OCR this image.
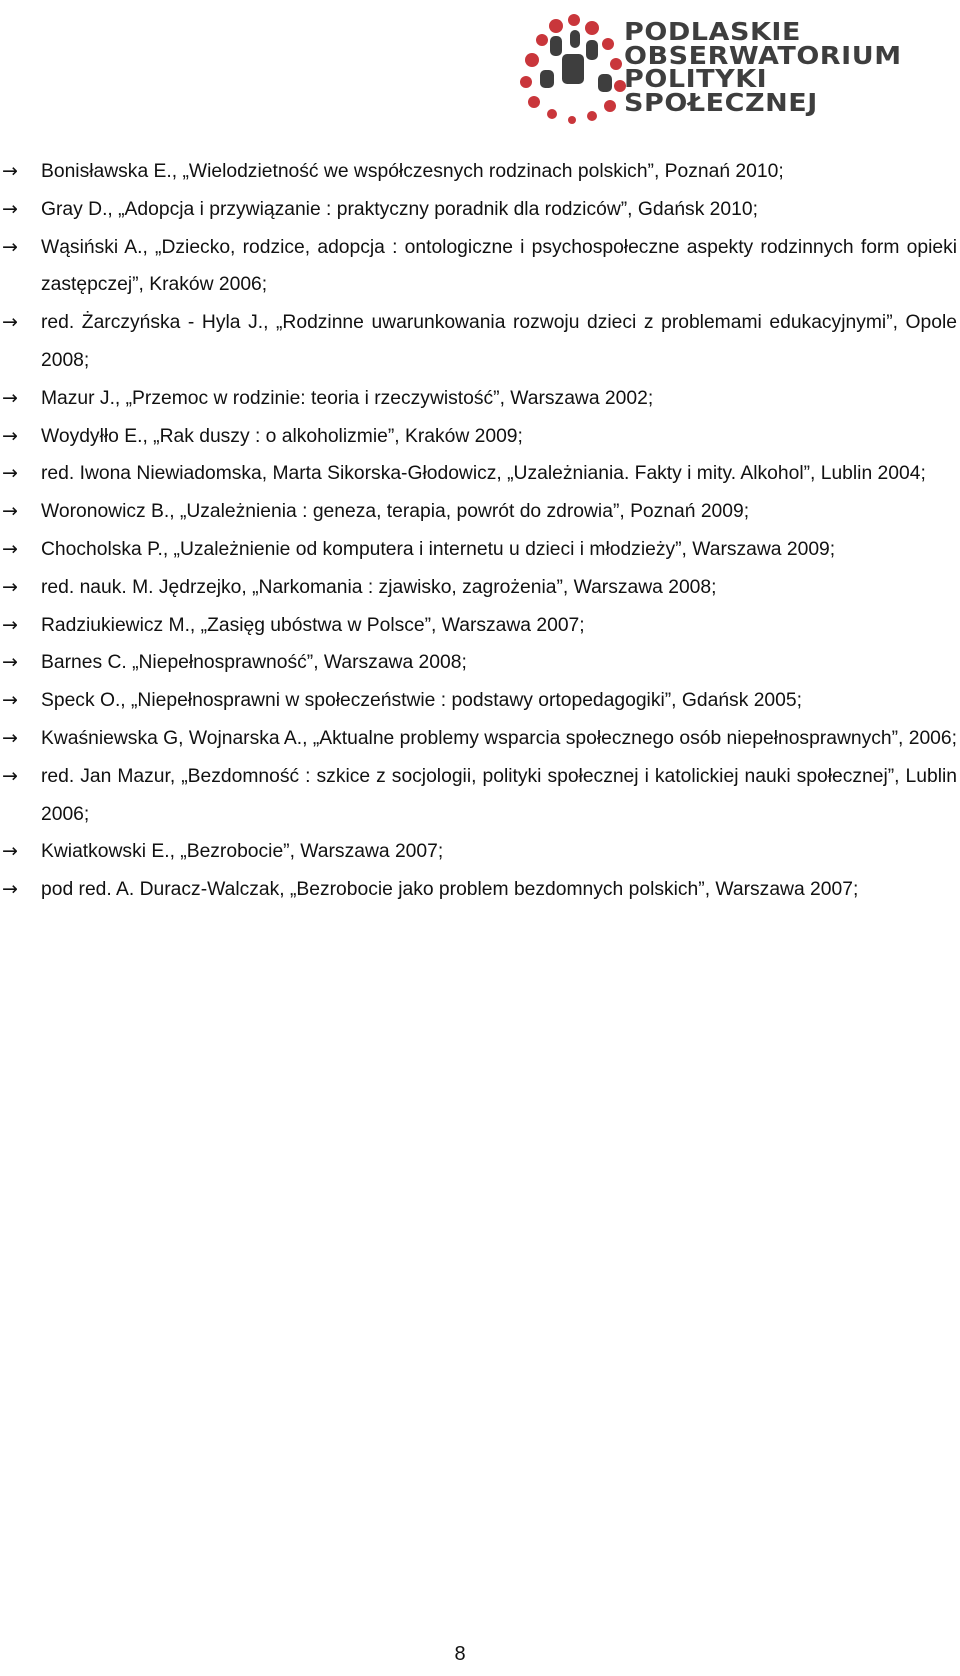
PODLASKIE
OBSERWATORIUM
POLITYKI
SPOŁECZNEJ
→ Bonisławska E., „Wielodzietność we współczesnych rodzinach polskich”, Poznań 2010;
→ Gray D., „Adopcja i przywiązanie : praktyczny poradnik dla rodziców”, Gdańsk 2010;
→ Wąsiński A., „Dziecko, rodzice, adopcja : ontologiczne i psychospołeczne aspekty rodzinnych form opieki zastępczej”, Kraków 2006;
→ red. Żarczyńska - Hyla J., „Rodzinne uwarunkowania rozwoju dzieci z problemami edukacyjnymi”, Opole 2008;
→ Mazur J., „Przemoc w rodzinie: teoria i rzeczywistość”, Warszawa 2002;
→ Woydyłło E., „Rak duszy : o alkoholizmie”, Kraków 2009;
→ red. Iwona Niewiadomska, Marta Sikorska-Głodowicz, „Uzależniania. Fakty i mity. Alkohol”, Lublin 2004;
→ Woronowicz B., „Uzależnienia : geneza, terapia, powrót do zdrowia”, Poznań 2009;
→ Chocholska P., „Uzależnienie od komputera i internetu u dzieci i młodzieży”, Warszawa 2009;
→ red. nauk. M. Jędrzejko, „Narkomania : zjawisko, zagrożenia”, Warszawa 2008;
→ Radziukiewicz M., „Zasięg ubóstwa w Polsce”, Warszawa 2007;
→ Barnes C. „Niepełnosprawność”, Warszawa 2008;
→ Speck O., „Niepełnosprawni w społeczeństwie : podstawy ortopedagogiki”, Gdańsk 2005;
→ Kwaśniewska G, Wojnarska A., „Aktualne problemy wsparcia społecznego osób niepełnosprawnych”, 2006;
→ red. Jan Mazur, „Bezdomność : szkice z socjologii, polityki społecznej i katolickiej nauki społecznej”, Lublin 2006;
→ Kwiatkowski E., „Bezrobocie”, Warszawa 2007;
→ pod red. A. Duracz-Walczak, „Bezrobocie jako problem bezdomnych polskich”, Warszawa 2007;
8
